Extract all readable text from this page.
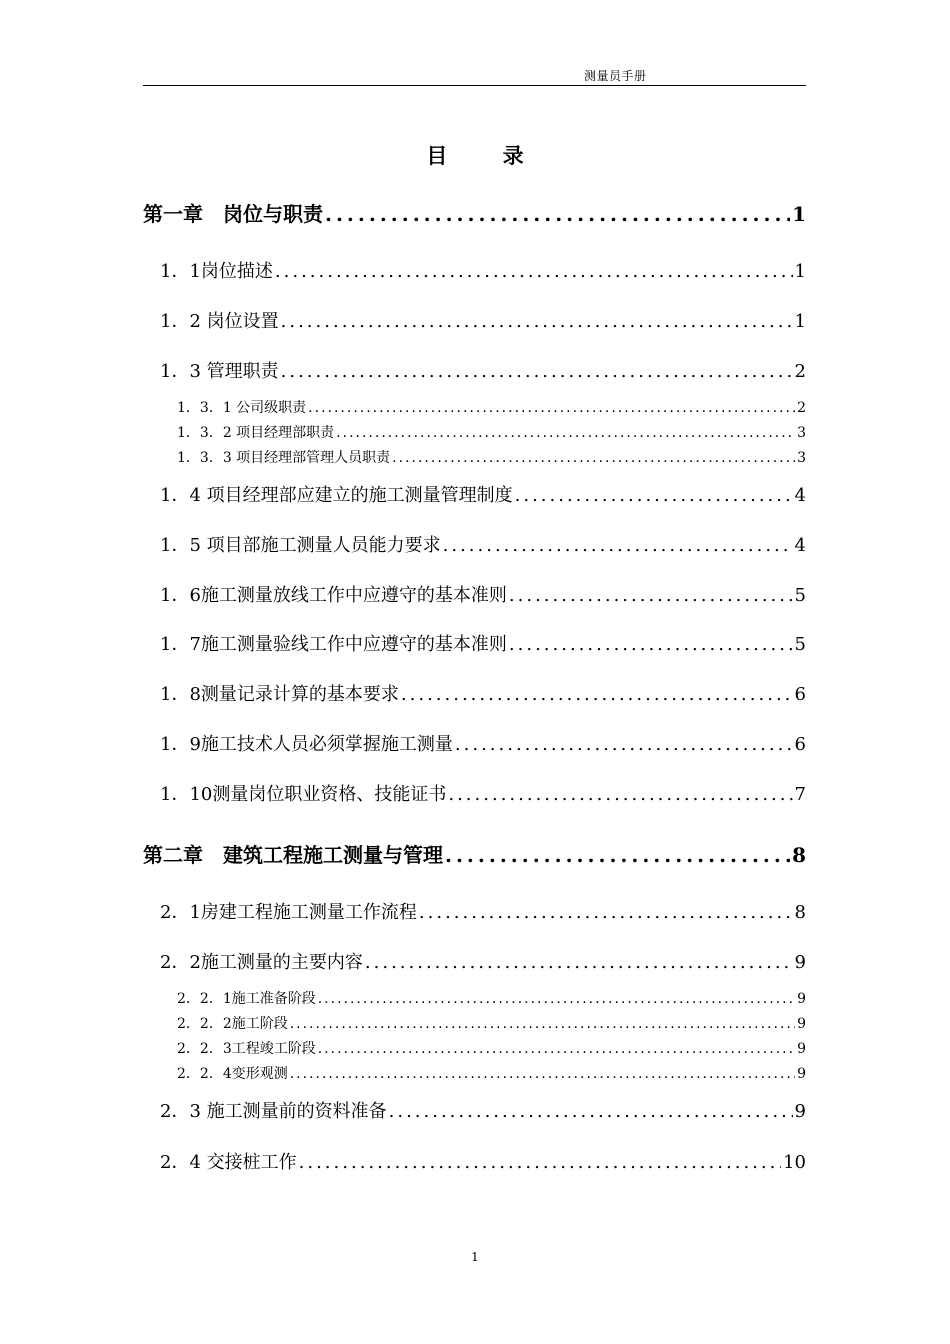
测量员手册
目 录
第一章　岗位与职责 .....	1
1．1岗位描述 .....	1
1．2 岗位设置 .....	1
1．3 管理职责 .....	2
1．3．1 公司级职责 .....	2
1．3．2 项目经理部职责 .....	3
1．3．3 项目经理部管理人员职责 .....	3
1．4 项目经理部应建立的施工测量管理制度 .....	4
1．5 项目部施工测量人员能力要求 .....	4
1．6施工测量放线工作中应遵守的基本准则 .....	5
1．7施工测量验线工作中应遵守的基本准则 .....	5
1．8测量记录计算的基本要求 .....	6
1．9施工技术人员必须掌握施工测量 .....	6
1．10测量岗位职业资格、技能证书 .....	7
第二章　建筑工程施工测量与管理 .....	8
2．1房建工程施工测量工作流程 .....	8
2．2施工测量的主要内容 .....	9
2．2．1施工准备阶段 .....	9
2．2．2施工阶段 .....	9
2．2．3工程竣工阶段 .....	9
2．2．4变形观测 .....	9
2．3 施工测量前的资料准备 .....	9
2．4 交接桩工作 .....	10
1
